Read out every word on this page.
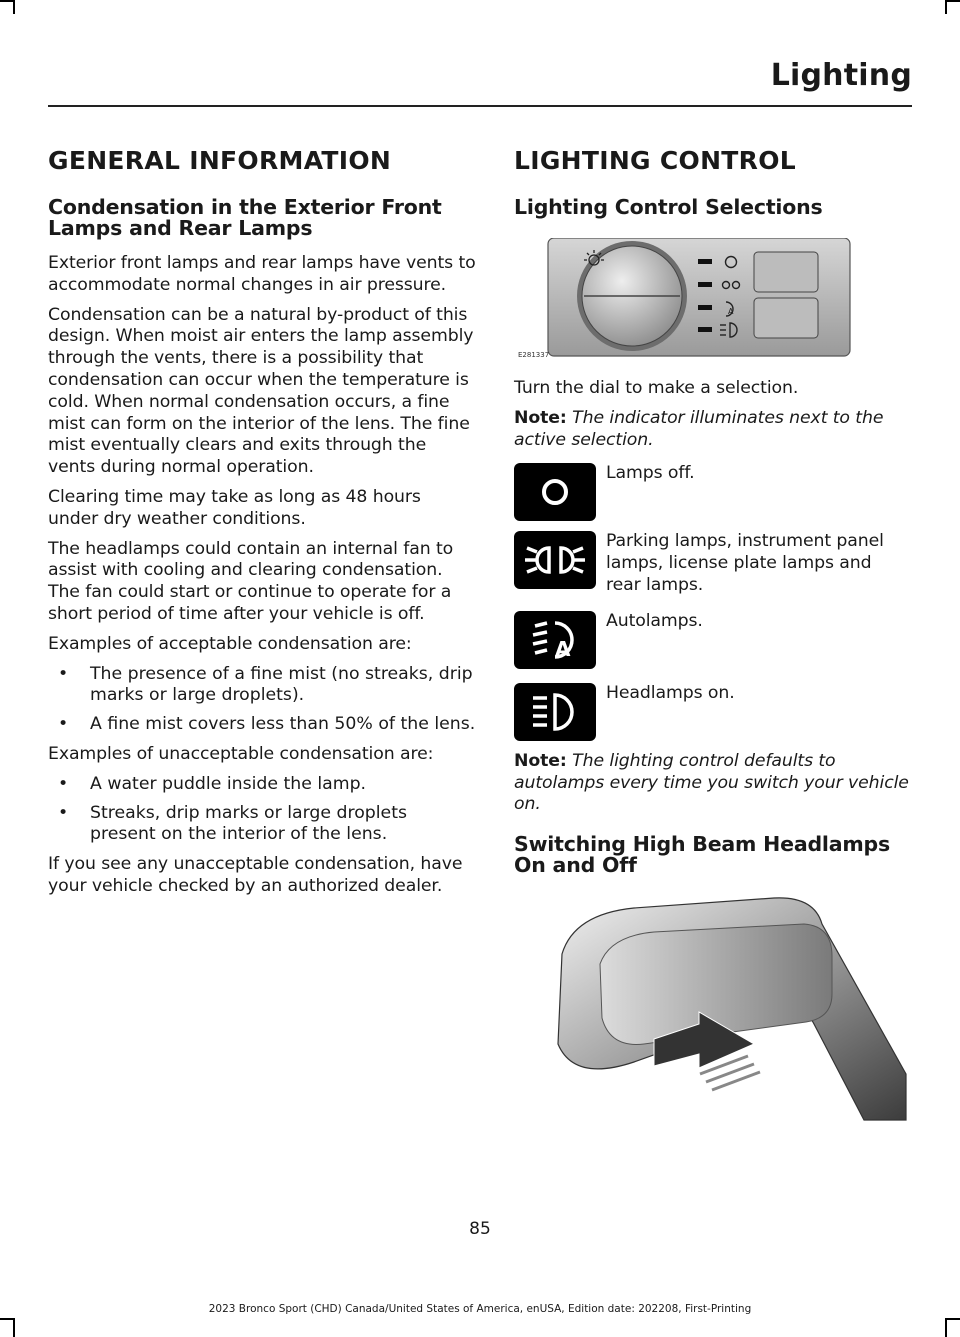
Lighting
GENERAL INFORMATION
Condensation in the Exterior Front Lamps and Rear Lamps

Exterior front lamps and rear lamps have vents to accommodate normal changes in air pressure.

Condensation can be a natural by-product of this design. When moist air enters the lamp assembly through the vents, there is a possibility that condensation can occur when the temperature is cold. When normal condensation occurs, a fine mist can form on the interior of the lens. The fine mist eventually clears and exits through the vents during normal operation.

Clearing time may take as long as 48 hours under dry weather conditions.

The headlamps could contain an internal fan to assist with cooling and clearing condensation. The fan could start or continue to operate for a short period of time after your vehicle is off.

Examples of acceptable condensation are:

• The presence of a fine mist (no streaks, drip marks or large droplets).
• A fine mist covers less than 50% of the lens.

Examples of unacceptable condensation are:

• A water puddle inside the lamp.
• Streaks, drip marks or large droplets present on the interior of the lens.

If you see any unacceptable condensation, have your vehicle checked by an authorized dealer.

LIGHTING CONTROL
Lighting Control Selections
A
E281337

Turn the dial to make a selection.

Note: The indicator illuminates next to the active selection.

Lamps off.

Parking lamps, instrument panel lamps, license plate lamps and rear lamps.

A

Autolamps.

Headlamps on.

Note: The lighting control defaults to autolamps every time you switch your vehicle on.

Switching High Beam Headlamps On and Off
85
2023 Bronco Sport (CHD) Canada/United States of America, enUSA, Edition date: 202208, First-Printing
